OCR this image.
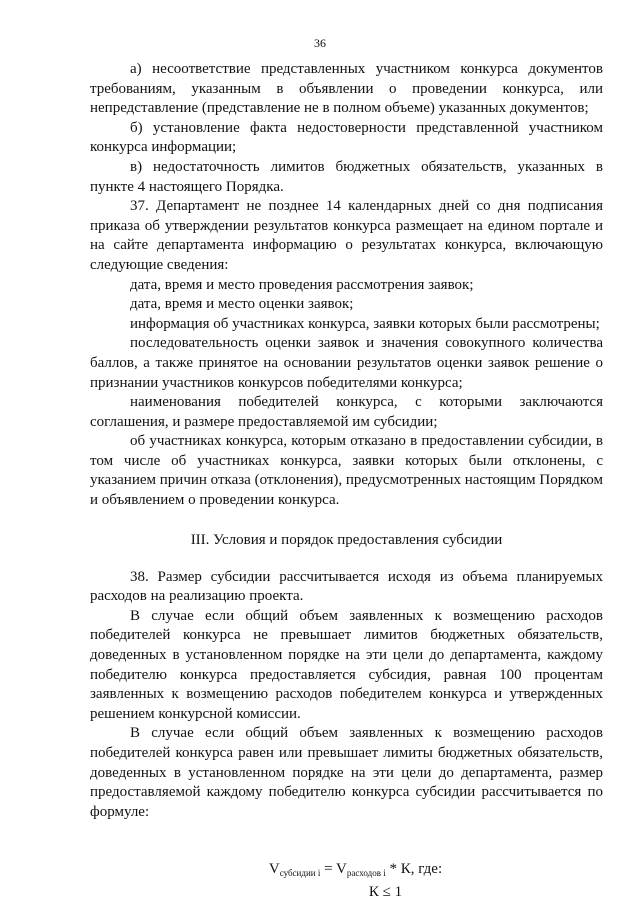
36

а) несоответствие представленных участником конкурса документов требованиям, указанным в объявлении о проведении конкурса, или непредставление (представление не в полном объеме) указанных документов;

б) установление факта недостоверности представленной участником конкурса информации;

в) недостаточность лимитов бюджетных обязательств, указанных в пункте 4 настоящего Порядка.

37. Департамент не позднее 14 календарных дней со дня подписания приказа об утверждении результатов конкурса размещает на едином портале и на сайте департамента информацию о результатах конкурса, включающую следующие сведения:

дата, время и место проведения рассмотрения заявок;

дата, время и место оценки заявок;

информация об участниках конкурса, заявки которых были рассмотрены;

последовательность оценки заявок и значения совокупного количества баллов, а также принятое на основании результатов оценки заявок решение о признании участников конкурсов победителями конкурса;

наименования победителей конкурса, с которыми заключаются соглашения, и размере предоставляемой им субсидии;

об участниках конкурса, которым отказано в предоставлении субсидии, в том числе об участниках конкурса, заявки которых были отклонены, с указанием причин отказа (отклонения), предусмотренных настоящим Порядком и объявлением о проведении конкурса.

III. Условия и порядок предоставления субсидии

38. Размер субсидии рассчитывается исходя из объема планируемых расходов на реализацию проекта.

В случае если общий объем заявленных к возмещению расходов победителей конкурса не превышает лимитов бюджетных обязательств, доведенных в установленном порядке на эти цели до департамента, каждому победителю конкурса предоставляется субсидия, равная 100 процентам заявленных к возмещению расходов победителем конкурса и утвержденных решением конкурсной комиссии.

В случае если общий объем заявленных к возмещению расходов победителей конкурса равен или превышает лимиты бюджетных обязательств, доведенных в установленном порядке на эти цели до департамента, размер предоставляемой каждому победителю конкурса субсидии рассчитывается по формуле:

$V_{субсидии i} = V_{расходов i} * К$, где:
К ≤ 1
